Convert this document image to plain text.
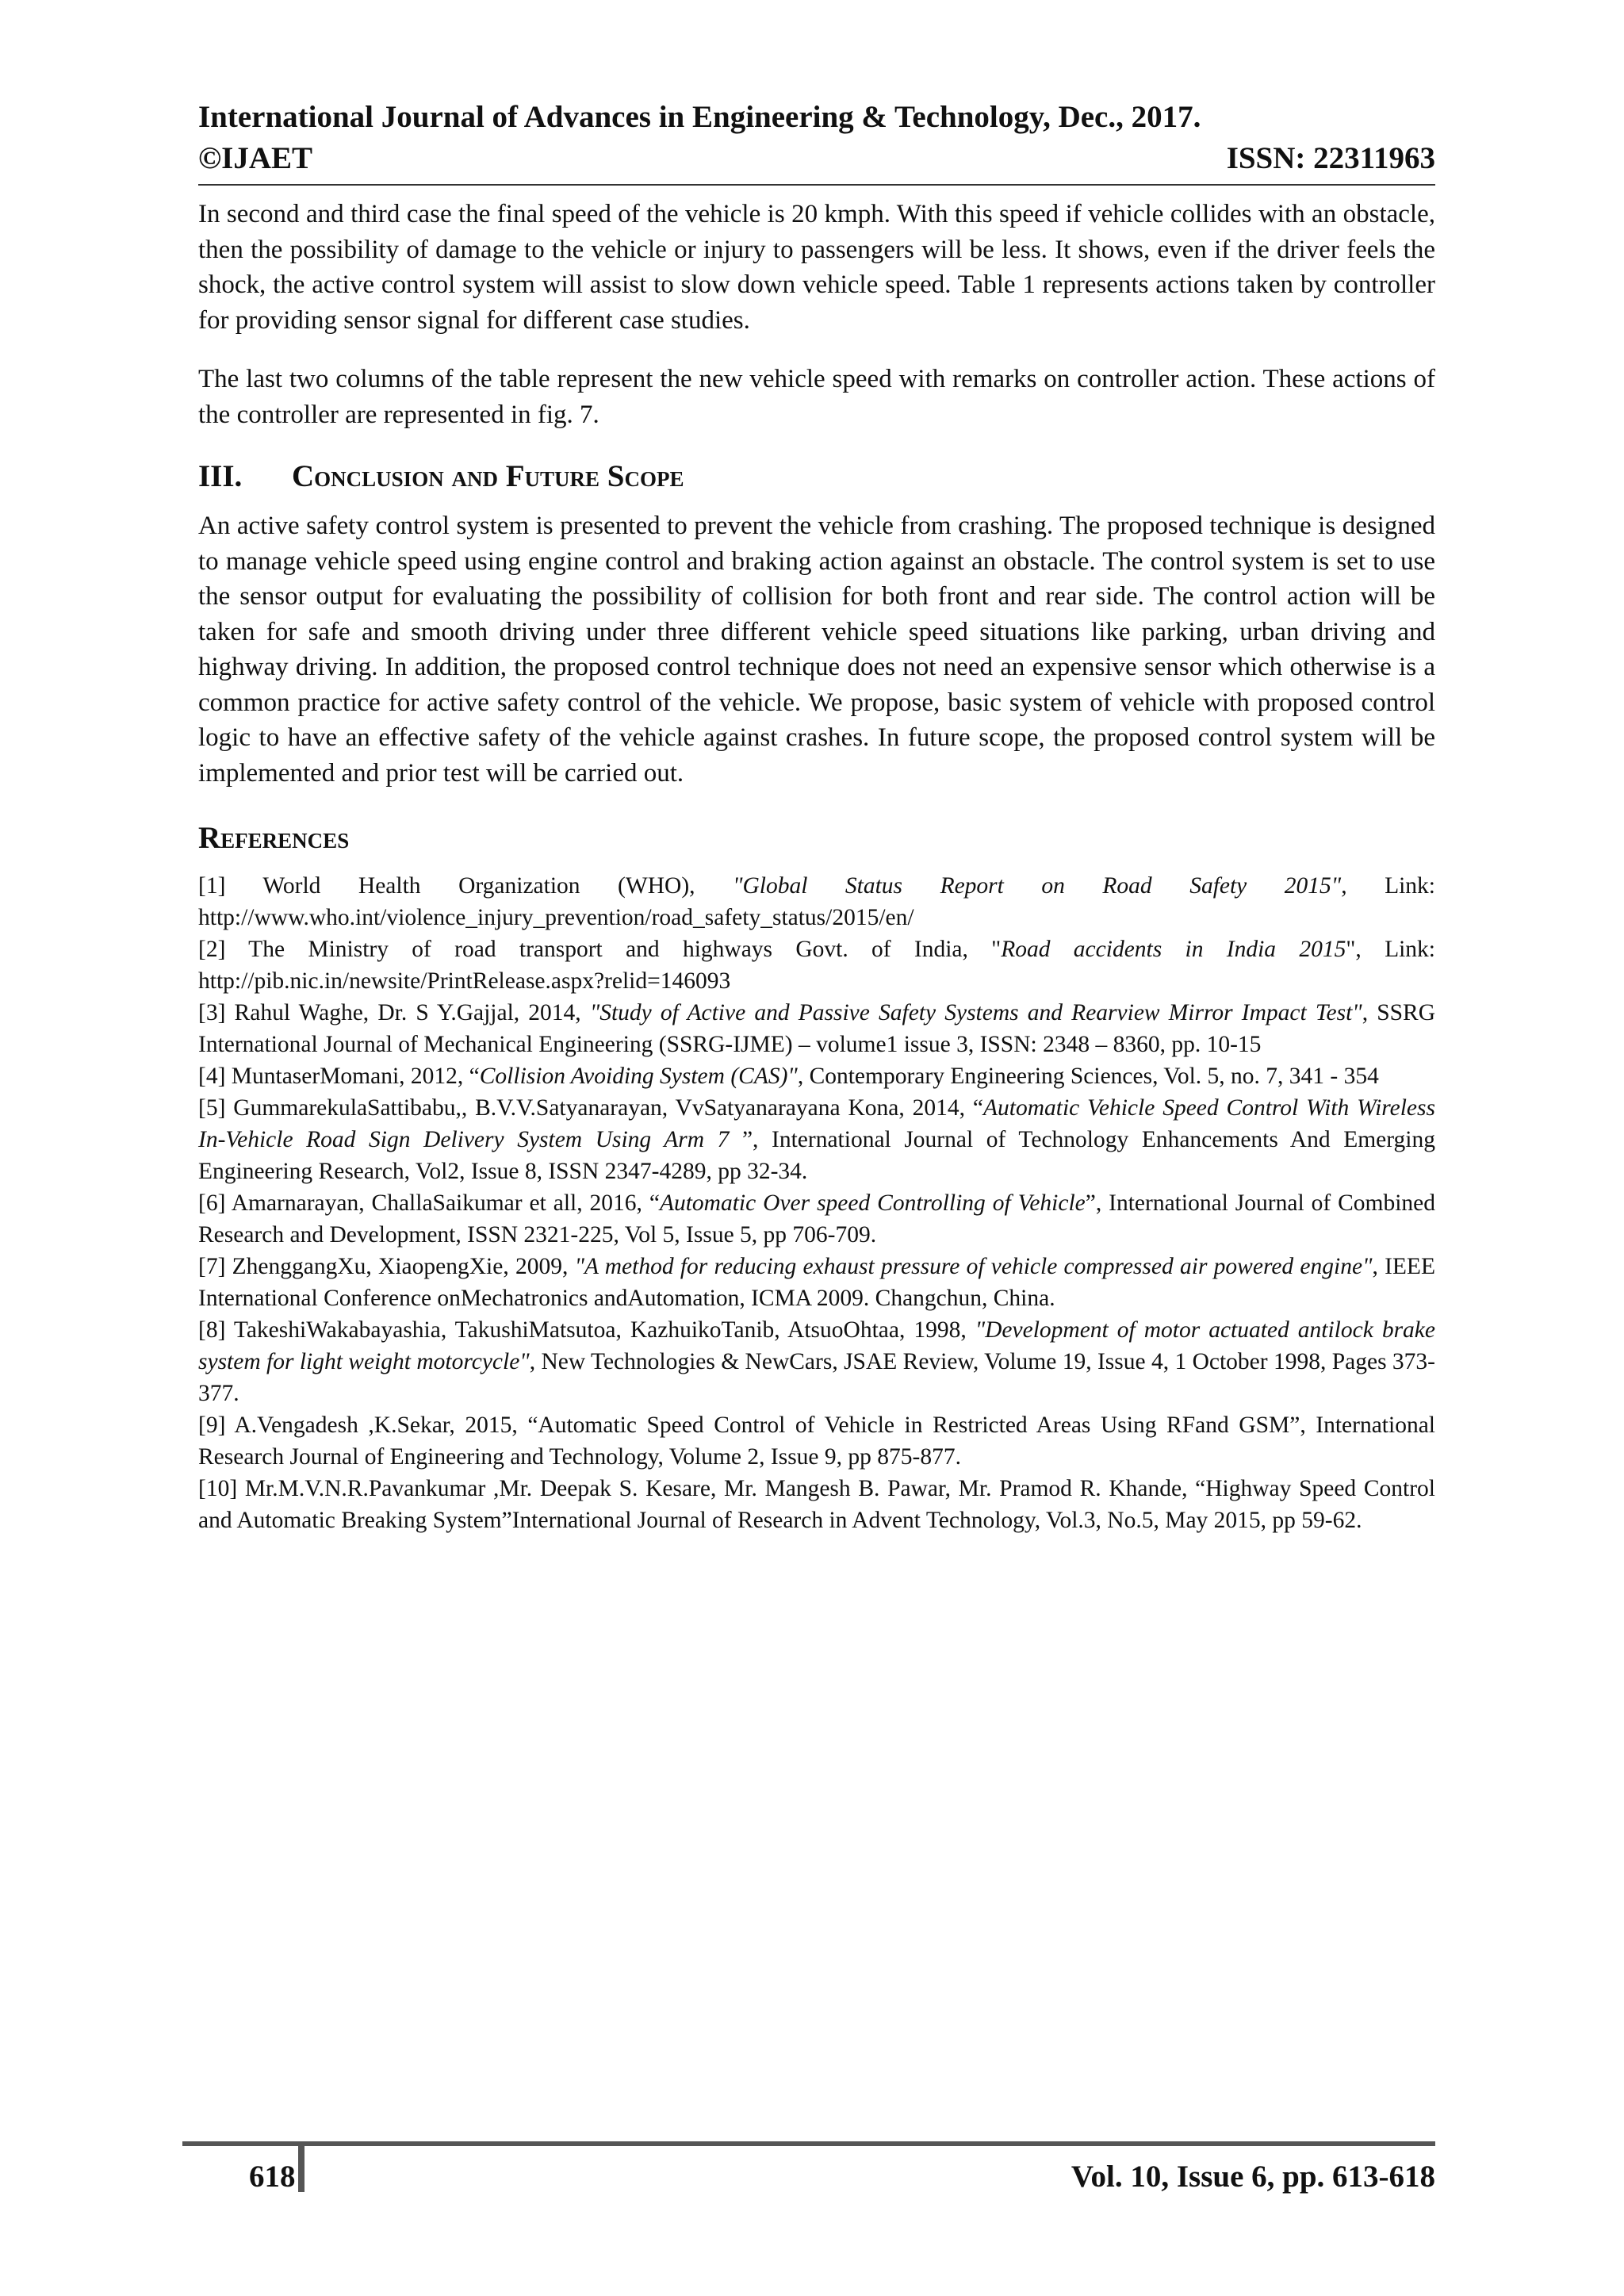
International Journal of Advances in Engineering & Technology, Dec., 2017.
©IJAET	ISSN: 22311963

In second and third case the final speed of the vehicle is 20 kmph. With this speed if vehicle collides with an obstacle, then the possibility of damage to the vehicle or injury to passengers will be less. It shows, even if the driver feels the shock, the active control system will assist to slow down vehicle speed. Table 1 represents actions taken by controller for providing sensor signal for different case studies.

The last two columns of the table represent the new vehicle speed with remarks on controller action. These actions of the controller are represented in fig. 7.

III.	Conclusion and Future Scope

An active safety control system is presented to prevent the vehicle from crashing. The proposed technique is designed to manage vehicle speed using engine control and braking action against an obstacle. The control system is set to use the sensor output for evaluating the possibility of collision for both front and rear side. The control action will be taken for safe and smooth driving under three different vehicle speed situations like parking, urban driving and highway driving. In addition, the proposed control technique does not need an expensive sensor which otherwise is a common practice for active safety control of the vehicle. We propose, basic system of vehicle with proposed control logic to have an effective safety of the vehicle against crashes. In future scope, the proposed control system will be implemented and prior test will be carried out.

References

[1] World Health Organization (WHO), "Global Status Report on Road Safety 2015", Link: http://www.who.int/violence_injury_prevention/road_safety_status/2015/en/

[2] The Ministry of road transport and highways Govt. of India, "Road accidents in India 2015", Link: http://pib.nic.in/newsite/PrintRelease.aspx?relid=146093

[3] Rahul Waghe, Dr. S Y.Gajjal, 2014, "Study of Active and Passive Safety Systems and Rearview Mirror Impact Test", SSRG International Journal of Mechanical Engineering (SSRG-IJME) – volume1 issue 3, ISSN: 2348 – 8360, pp. 10-15

[4] MuntaserMomani, 2012, “Collision Avoiding System (CAS)", Contemporary Engineering Sciences, Vol. 5, no. 7, 341 - 354

[5] GummarekulaSattibabu,, B.V.V.Satyanarayan, VvSatyanarayana Kona, 2014, “Automatic Vehicle Speed Control With Wireless In-Vehicle Road Sign Delivery System Using Arm 7 ”, International Journal of Technology Enhancements And Emerging Engineering Research, Vol2, Issue 8, ISSN 2347-4289, pp 32-34.

[6] Amarnarayan, ChallaSaikumar et all, 2016, “Automatic Over speed Controlling of Vehicle”, International Journal of Combined Research and Development, ISSN 2321-225, Vol 5, Issue 5, pp 706-709.

[7] ZhenggangXu, XiaopengXie, 2009, "A method for reducing exhaust pressure of vehicle compressed air powered engine", IEEE International Conference onMechatronics andAutomation, ICMA 2009. Changchun, China.

[8] TakeshiWakabayashia, TakushiMatsutoa, KazhuikoTanib, AtsuoOhtaa, 1998, "Development of motor actuated antilock brake system for light weight motorcycle", New Technologies & NewCars, JSAE Review, Volume 19, Issue 4, 1 October 1998, Pages 373-377.

[9] A.Vengadesh ,K.Sekar, 2015, “Automatic Speed Control of Vehicle in Restricted Areas Using RFand GSM”, International Research Journal of Engineering and Technology, Volume 2, Issue 9, pp 875-877.

[10] Mr.M.V.N.R.Pavankumar ,Mr. Deepak S. Kesare, Mr. Mangesh B. Pawar, Mr. Pramod R. Khande, “Highway Speed Control and Automatic Breaking System”International Journal of Research in Advent Technology, Vol.3, No.5, May 2015, pp 59-62.

618	Vol. 10, Issue 6, pp. 613-618
